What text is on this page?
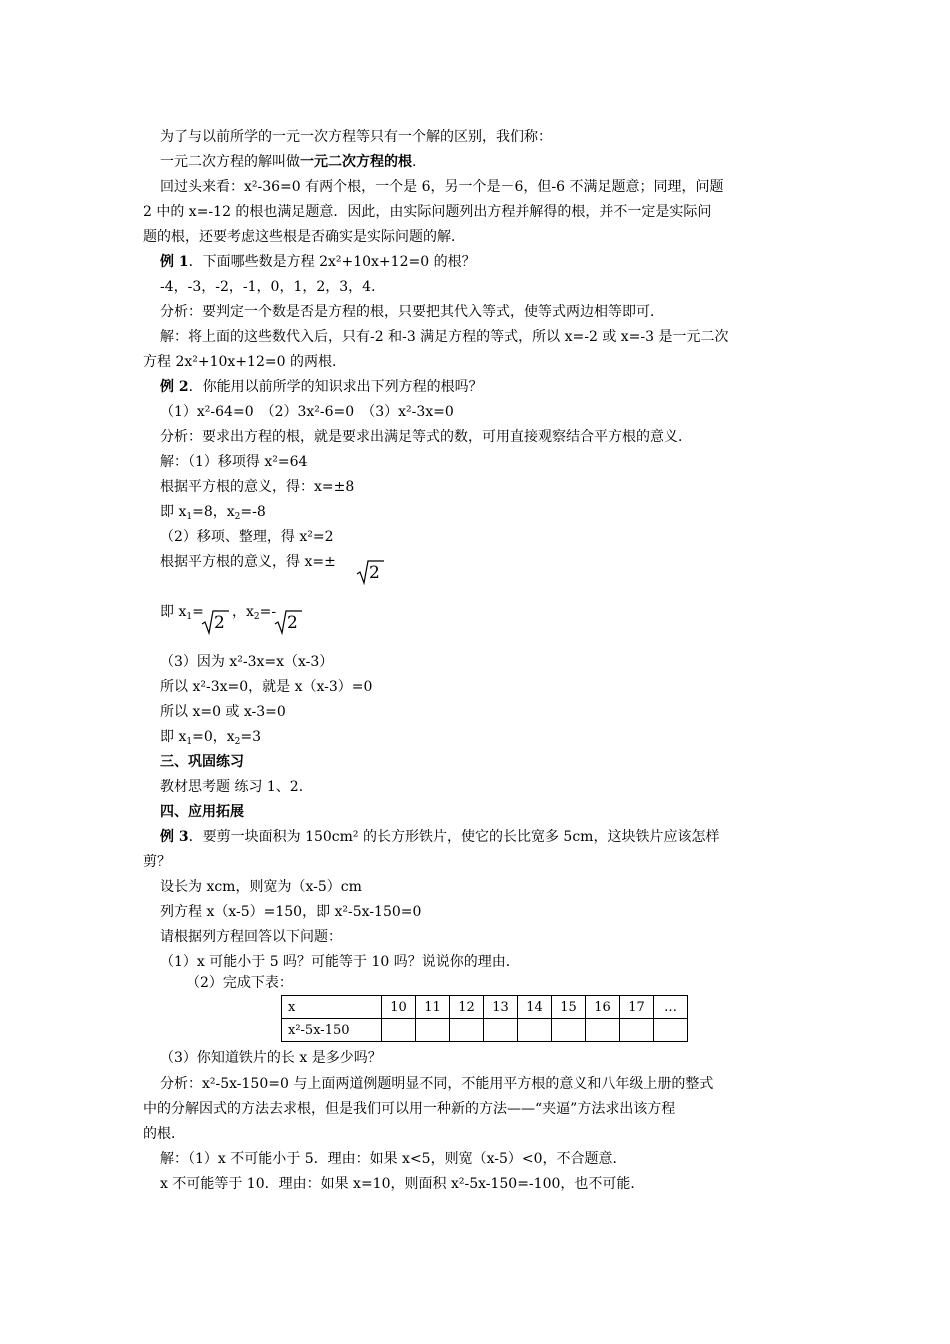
为了与以前所学的一元一次方程等只有一个解的区别，我们称：
一元二次方程的解叫做一元二次方程的根.
回过头来看：x²-36=0 有两个根，一个是 6，另一个是－6，但-6 不满足题意；同理，问题
2 中的 x=-12 的根也满足题意．因此，由实际问题列出方程并解得的根，并不一定是实际问
题的根，还要考虑这些根是否确实是实际问题的解．
例 1．下面哪些数是方程 2x²+10x+12=0 的根？
-4，-3，-2，-1，0，1，2，3，4．
分析：要判定一个数是否是方程的根，只要把其代入等式，使等式两边相等即可．
解：将上面的这些数代入后，只有-2 和-3 满足方程的等式，所以 x=-2 或 x=-3 是一元二次
方程 2x²+10x+12=0 的两根．
例 2．你能用以前所学的知识求出下列方程的根吗？
（1）x²-64=0　（2）3x²-6=0　（3）x²-3x=0
分析：要求出方程的根，就是要求出满足等式的数，可用直接观察结合平方根的意义．
解：（1）移项得 x²=64
根据平方根的意义，得：x=±8
即 $x_1=8$，$x_2=-8$
（2）移项、整理，得 x²=2
根据平方根的意义，得 x=±
2
即 $x_1=$
2
，$x_2=-$
2
（3）因为 x²-3x=x（x-3）
所以 x²-3x=0，就是 x（x-3）=0
所以 x=0 或 x-3=0
即 $x_1=0$，$x_2=3$
三、巩固练习
教材思考题 练习 1、2．
四、应用拓展
例 3．要剪一块面积为 150cm² 的长方形铁片，使它的长比宽多 5cm，这块铁片应该怎样
剪？
设长为 xcm，则宽为（x-5）cm
列方程 x（x-5）=150，即 x²-5x-150=0
请根据列方程回答以下问题：
（1）x 可能小于 5 吗？可能等于 10 吗？说说你的理由．
（2）完成下表：
x	10	11	12	13	14	15	16	17	…
x²-5x-150									
（3）你知道铁片的长 x 是多少吗？
分析：x²-5x-150=0 与上面两道例题明显不同，不能用平方根的意义和八年级上册的整式
中的分解因式的方法去求根，但是我们可以用一种新的方法——“夹逼”方法求出该方程
的根．
解：（1）x 不可能小于 5．理由：如果 x<5，则宽（x-5）<0，不合题意．
x 不可能等于 10．理由：如果 x=10，则面积 x²-5x-150=-100，也不可能．
